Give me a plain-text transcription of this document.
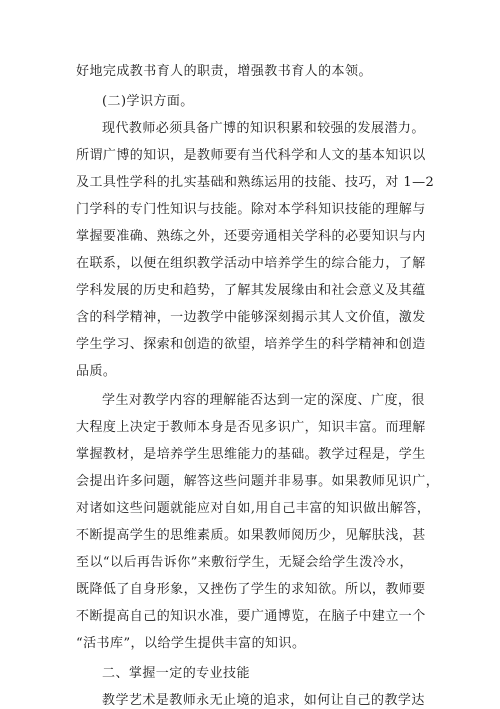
好地完成教书育人的职责，增强教书育人的本领。
(二)学识方面。
现代教师必须具备广博的知识积累和较强的发展潜力。
所谓广博的知识，是教师要有当代科学和人文的基本知识以
及工具性学科的扎实基础和熟练运用的技能、技巧，对 1—2
门学科的专门性知识与技能。除对本学科知识技能的理解与
掌握要准确、熟练之外，还要旁通相关学科的必要知识与内
在联系，以便在组织教学活动中培养学生的综合能力，了解
学科发展的历史和趋势，了解其发展缘由和社会意义及其蕴
含的科学精神，一边教学中能够深刻揭示其人文价值，激发
学生学习、探索和创造的欲望，培养学生的科学精神和创造
品质。
学生对教学内容的理解能否达到一定的深度、广度，很
大程度上决定于教师本身是否见多识广，知识丰富。而理解
掌握教材，是培养学生思维能力的基础。教学过程是，学生
会提出许多问题，解答这些问题并非易事。如果教师见识广，
对诸如这些问题就能应对自如,用自己丰富的知识做出解答，
不断提高学生的思维素质。如果教师阅历少，见解肤浅，甚
至以“以后再告诉你”来敷衍学生，无疑会给学生泼冷水，
既降低了自身形象，又挫伤了学生的求知欲。所以，教师要
不断提高自己的知识水准，要广通博览，在脑子中建立一个
“活书库”，以给学生提供丰富的知识。
二、掌握一定的专业技能
教学艺术是教师永无止境的追求，如何让自己的教学达
